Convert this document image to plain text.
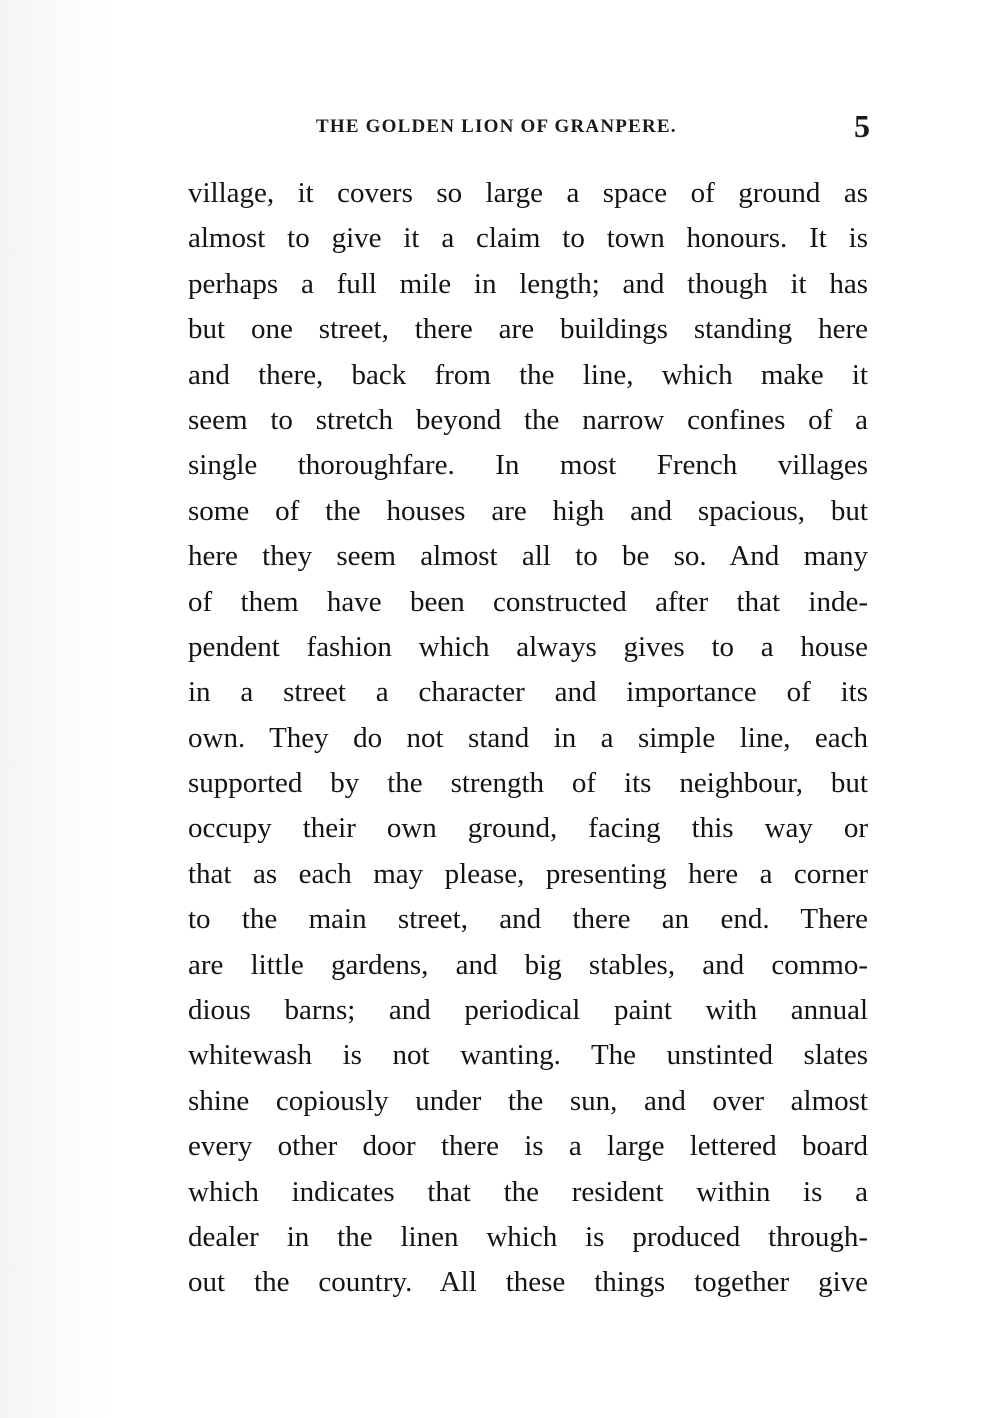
THE GOLDEN LION OF GRANPERE.	5
village, it covers so large a space of ground as
almost to give it a claim to town honours. It is
perhaps a full mile in length; and though it has
but one street, there are buildings standing here
and there, back from the line, which make it
seem to stretch beyond the narrow confines of a
single thoroughfare. In most French villages
some of the houses are high and spacious, but
here they seem almost all to be so. And many
of them have been constructed after that inde-
pendent fashion which always gives to a house
in a street a character and importance of its
own. They do not stand in a simple line, each
supported by the strength of its neighbour, but
occupy their own ground, facing this way or
that as each may please, presenting here a corner
to the main street, and there an end. There
are little gardens, and big stables, and commo-
dious barns; and periodical paint with annual
whitewash is not wanting. The unstinted slates
shine copiously under the sun, and over almost
every other door there is a large lettered board
which indicates that the resident within is a
dealer in the linen which is produced through-
out the country. All these things together give
